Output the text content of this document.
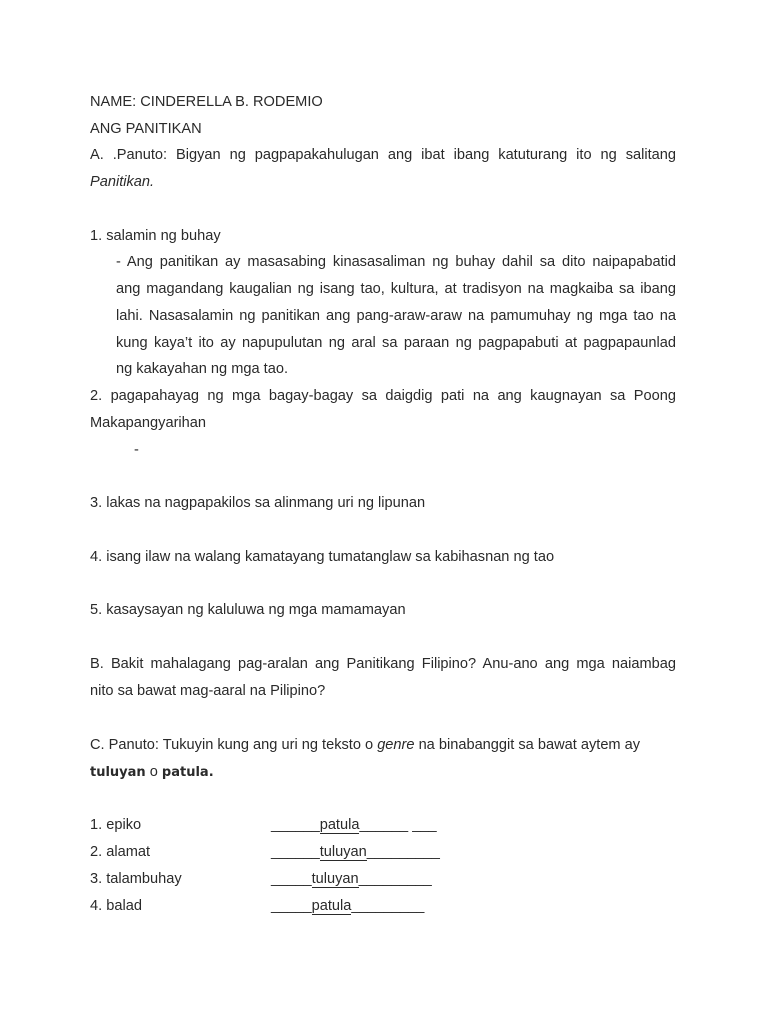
NAME: CINDERELLA B. RODEMIO
ANG PANITIKAN
A. .Panuto: Bigyan ng pagpapakahulugan ang ibat ibang katuturang ito ng salitang
Panitikan.
1. salamin ng buhay
- Ang panitikan ay masasabing kinasasaliman ng buhay dahil sa dito naipapabatid
ang magandang kaugalian ng isang tao, kultura, at tradisyon na magkaiba sa ibang
lahi. Nasasalamin ng panitikan ang pang-araw-araw na pamumuhay ng mga tao na
kung kaya’t ito ay napupulutan ng aral sa paraan ng pagpapabuti at pagpapaunlad
ng kakayahan ng mga tao.
2. pagapahayag ng mga bagay-bagay sa daigdig pati na ang kaugnayan sa Poong
Makapangyarihan
-
3. lakas na nagpapakilos sa alinmang uri ng lipunan
4. isang ilaw na walang kamatayang tumatanglaw sa kabihasnan ng tao
5. kasaysayan ng kaluluwa ng mga mamamayan
B. Bakit mahalagang pag-aralan ang Panitikang Filipino? Anu-ano ang mga naiambag
nito sa bawat mag-aaral na Pilipino?
C. Panuto: Tukuyin kung ang uri ng teksto o genre na binabanggit sa bawat aytem ay
tuluyan o patula.
1. epiko	______patula______ ___
2. alamat	______tuluyan_________
3. talambuhay	_____tuluyan_________
4. balad	_____patula_________
